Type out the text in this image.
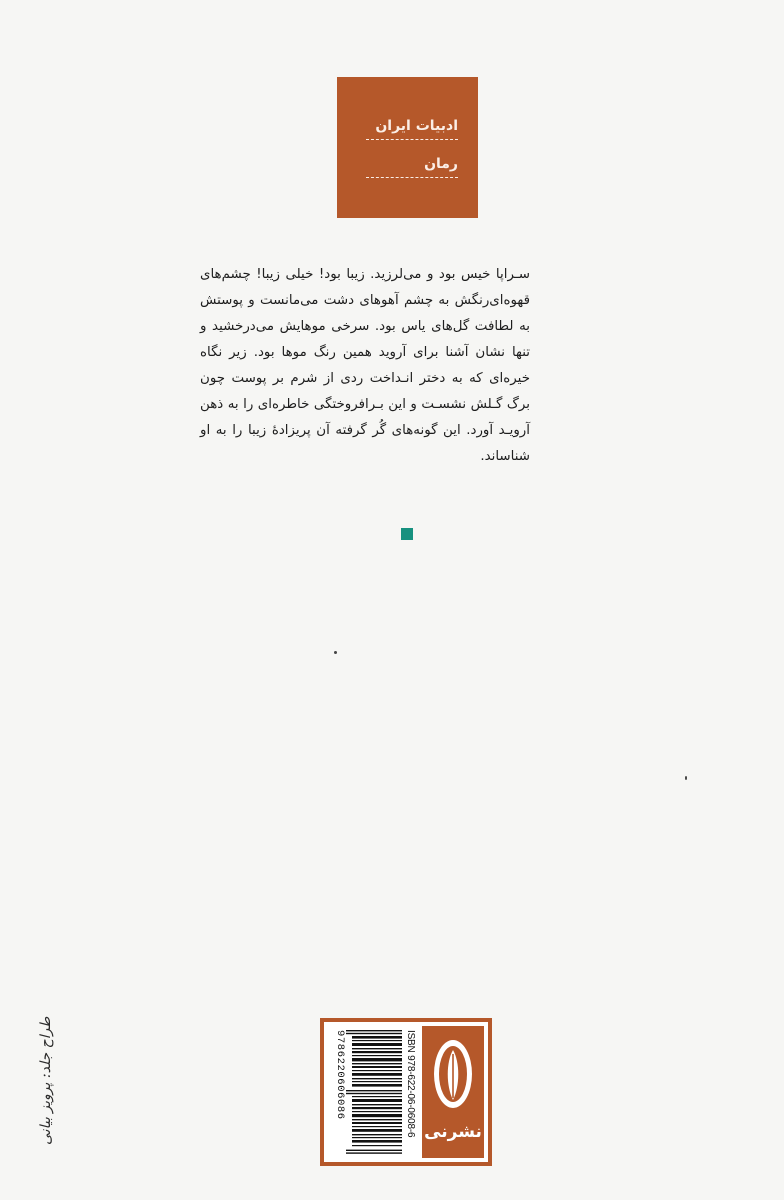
ادبیات ایران
رمان

سـراپا خیس بود و می‌لرزید. زیبا بود! خیلی زیبا! چشم‌های قهوه‌ای‌رنگش به چشم آهوهای دشت می‌مانست و پوستش به لطافت گل‌های یاس بود. سرخی موهایش می‌درخشید و تنها نشان آشنا برای آروید همین رنگ موها بود. زیر نگاه خیره‌ای که به دختر انـداخت ردی از شرم بر پوست چون برگ گـلش نشسـت و این بـرافروختگی خاطره‌ای را به ذهن آرویـد آورد. این گونه‌های گُر گرفته آن پریزادهٔ زیبا را به او شناساند.

طراح جلد: پرویز بیانی	ISBN 978-622-06-0608-6
9786220606086
نشرنی
